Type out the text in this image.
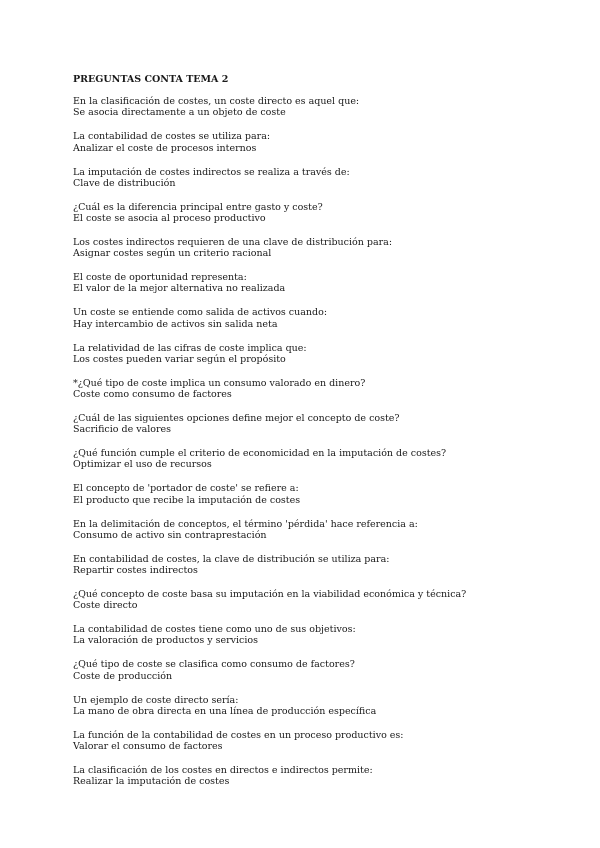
PREGUNTAS CONTA TEMA 2

En la clasificación de costes, un coste directo es aquel que:

Se asocia directamente a un objeto de coste

La contabilidad de costes se utiliza para:

Analizar el coste de procesos internos

La imputación de costes indirectos se realiza a través de:

Clave de distribución

¿Cuál es la diferencia principal entre gasto y coste?

El coste se asocia al proceso productivo

Los costes indirectos requieren de una clave de distribución para:

Asignar costes según un criterio racional

El coste de oportunidad representa:

El valor de la mejor alternativa no realizada

Un coste se entiende como salida de activos cuando:

Hay intercambio de activos sin salida neta

La relatividad de las cifras de coste implica que:

Los costes pueden variar según el propósito

*¿Qué tipo de coste implica un consumo valorado en dinero?

Coste como consumo de factores

¿Cuál de las siguientes opciones define mejor el concepto de coste?

Sacrificio de valores

¿Qué función cumple el criterio de economicidad en la imputación de costes?

Optimizar el uso de recursos

El concepto de 'portador de coste' se refiere a:

El producto que recibe la imputación de costes

En la delimitación de conceptos, el término 'pérdida' hace referencia a:

Consumo de activo sin contraprestación

En contabilidad de costes, la clave de distribución se utiliza para:

Repartir costes indirectos

¿Qué concepto de coste basa su imputación en la viabilidad económica y técnica?

Coste directo

La contabilidad de costes tiene como uno de sus objetivos:

La valoración de productos y servicios

¿Qué tipo de coste se clasifica como consumo de factores?

Coste de producción

Un ejemplo de coste directo sería:

La mano de obra directa en una línea de producción específica

La función de la contabilidad de costes en un proceso productivo es:

Valorar el consumo de factores

La clasificación de los costes en directos e indirectos permite:

Realizar la imputación de costes
